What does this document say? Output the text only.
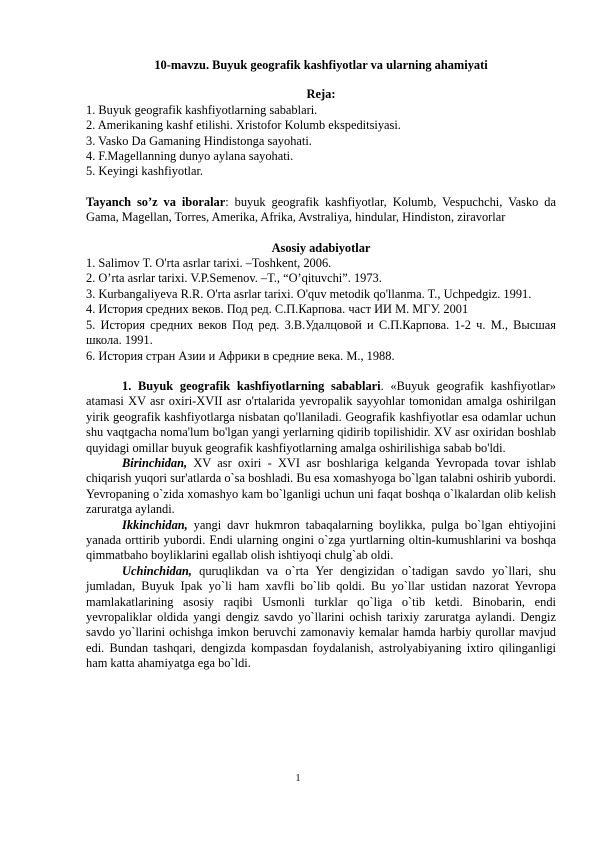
10-mavzu. Buyuk geografik kashfiyotlar va ularning ahamiyati

Reja:

1. Buyuk geografik kashfiyotlarning sabablari.
2. Amerikaning kashf etilishi. Xristofor Kolumb ekspeditsiyasi.
3. Vasko Da Gamaning Hindistonga sayohati.
4. F.Magellanning dunyo aylana sayohati.
5. Keyingi kashfiyotlar.

Tayanch so’z va iboralar: buyuk geografik kashfiyotlar, Kolumb, Vespuchchi, Vasko da Gama, Magellan, Torres, Amerika, Afrika, Avstraliya, hindular, Hindiston, ziravorlar

Asosiy adabiyotlar

1. Salimov T. O'rta asrlar tarixi. –Toshkent, 2006.
2. O’rta asrlar tarixi. V.P.Semenov. –T., “O’qituvchi”. 1973.
3. Kurbangaliyeva R.R. O'rta asrlar tarixi. O'quv metodik qo'llanma. T., Uchpedgiz. 1991.
4. История средних веков. Под ред. С.П.Карпова. част ИИ М. МГУ. 2001
5. История средних веков Под ред. З.В.Удалцовой и С.П.Карпова. 1-2 ч. М., Высшая школа. 1991.
6. История стран Азии и Африки в средние века. М., 1988.

1. Buyuk geografik kashfiyotlarning sabablari. «Buyuk geografik kashfiyotlar» atamasi XV asr oxiri-XVII asr o'rtalarida yevropalik sayyohlar tomonidan amalga oshirilgan yirik geografik kashfiyotlarga nisbatan qo'llaniladi. Geografik kashfiyotlar esa odamlar uchun shu vaqtgacha noma'lum bo'lgan yangi yerlarning qidirib topilishidir. XV asr oxiridan boshlab quyidagi omillar buyuk geografik kashfiyotlarning amalga oshirilishiga sabab bo'ldi.

Birinchidan, XV asr oxiri - XVI asr boshlariga kelganda Yevropada tovar ishlab chiqarish yuqori sur'atlarda o`sa boshladi. Bu esa xomashyoga bo`lgan talabni oshirib yubordi. Yevropaning o`zida xomashyo kam bo`lganligi uchun uni faqat boshqa o`lkalardan olib kelish zaruratga aylandi.

Ikkinchidan, yangi davr hukmron tabaqalarning boylikka, pulga bo`lgan ehtiyojini yanada orttirib yubordi. Endi ularning ongini o`zga yurtlarning oltin-kumushlarini va boshqa qimmatbaho boyliklarini egallab olish ishtiyoqi chulg`ab oldi.

Uchinchidan, quruqlikdan va o`rta Yer dengizidan o`tadigan savdo yo`llari, shu jumladan, Buyuk Ipak yo`li ham xavfli bo`lib qoldi. Bu yo`llar ustidan nazorat Yevropa mamlakatlarining asosiy raqibi Usmonli turklar qo`liga o`tib ketdi. Binobarin, endi yevropaliklar oldida yangi dengiz savdo yo`llarini ochish tarixiy zaruratga aylandi. Dengiz savdo yo`llarini ochishga imkon beruvchi zamonaviy kemalar hamda harbiy qurollar mavjud edi. Bundan tashqari, dengizda kompasdan foydalanish, astrolyabiyaning ixtiro qilinganligi ham katta ahamiyatga ega bo`ldi.

1
